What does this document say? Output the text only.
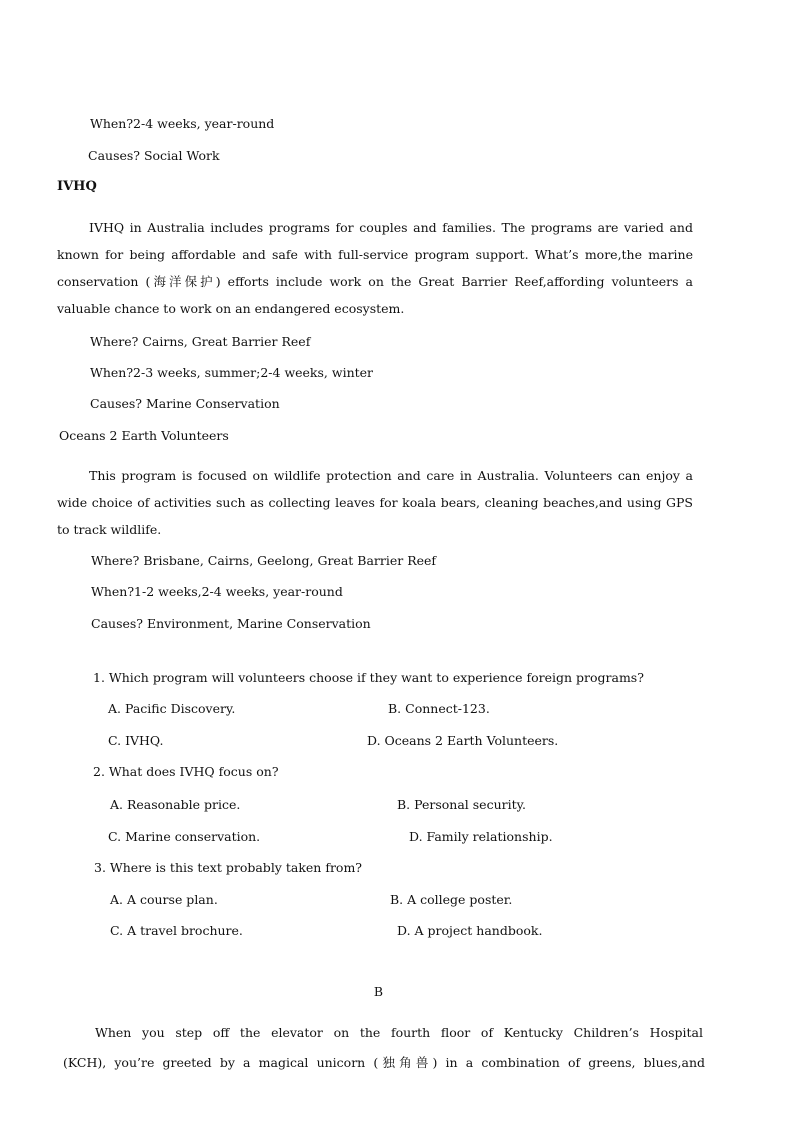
When?2-4 weeks, year-round
Causes? Social Work
IVHQ
IVHQ in Australia includes programs for couples and families. The programs are varied and known for being affordable and safe with full-service program support. What’s more,the marine conservation (海洋保护) efforts include work on the Great Barrier Reef,affording volunteers a valuable chance to work on an endangered ecosystem.
Where? Cairns, Great Barrier Reef
When?2-3 weeks, summer;2-4 weeks, winter
Causes? Marine Conservation
Oceans 2 Earth Volunteers
This program is focused on wildlife protection and care in Australia. Volunteers can enjoy a wide choice of activities such as collecting leaves for koala bears, cleaning beaches,and using GPS to track wildlife.
Where? Brisbane, Cairns, Geelong, Great Barrier Reef
When?1-2 weeks,2-4 weeks, year-round
Causes? Environment, Marine Conservation
1. Which program will volunteers choose if they want to experience foreign programs?
A. Pacific Discovery.	B. Connect-123.
C. IVHQ.	D. Oceans 2 Earth Volunteers.
2. What does IVHQ focus on?
A. Reasonable price.	B. Personal security.
C. Marine conservation.	D. Family relationship.
3. Where is this text probably taken from?
A. A course plan.	B. A college poster.
C. A travel brochure.	D. A project handbook.
B
When you step off the elevator on the fourth floor of Kentucky Children’s Hospital
(KCH), you’re greeted by a magical unicorn (独角兽) in a combination of greens, blues,and
